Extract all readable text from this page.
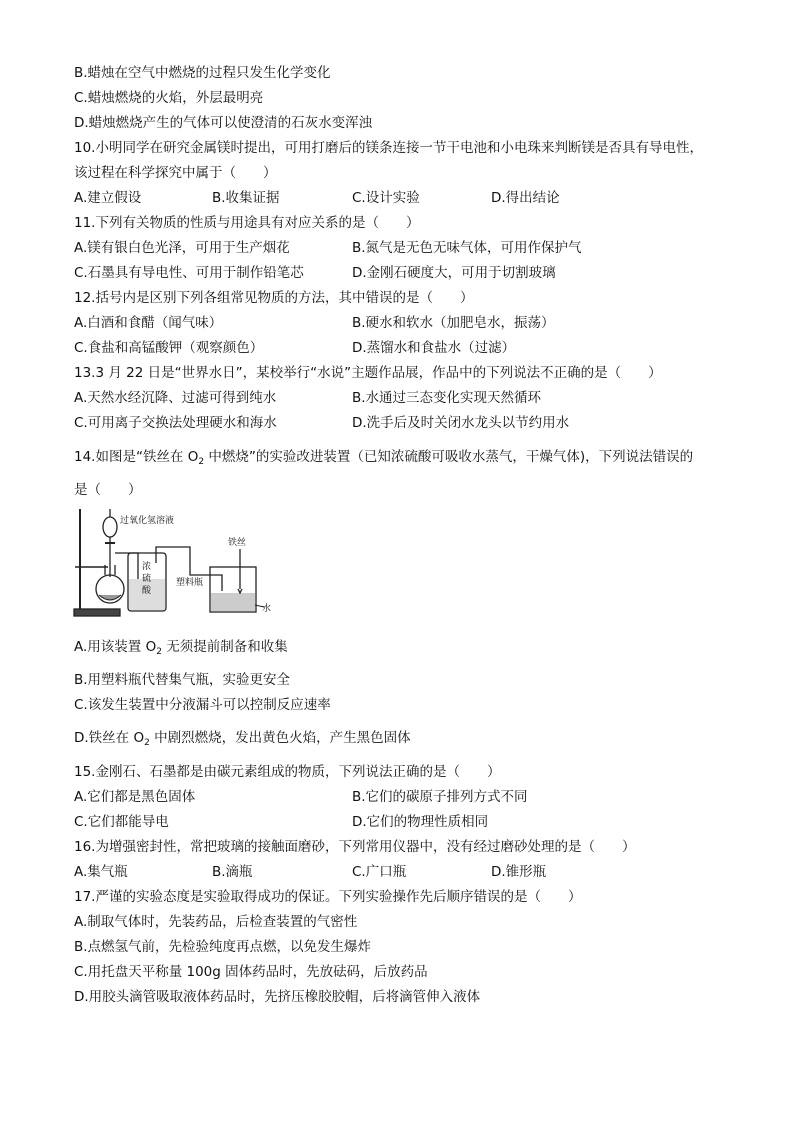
B.蜡烛在空气中燃烧的过程只发生化学变化
C.蜡烛燃烧的火焰，外层最明亮
D.蜡烛燃烧产生的气体可以使澄清的石灰水变浑浊
10.小明同学在研究金属镁时提出，可用打磨后的镁条连接一节干电池和小电珠来判断镁是否具有导电性，
该过程在科学探究中属于（　　）
A.建立假设	B.收集证据	C.设计实验	D.得出结论
11.下列有关物质的性质与用途具有对应关系的是（　　）
A.镁有银白色光泽，可用于生产烟花	B.氮气是无色无味气体，可用作保护气
C.石墨具有导电性、可用于制作铅笔芯	D.金刚石硬度大，可用于切割玻璃
12.括号内是区别下列各组常见物质的方法，其中错误的是（　　）
A.白酒和食醋（闻气味）	B.硬水和软水（加肥皂水，振荡）
C.食盐和高锰酸钾（观察颜色）	D.蒸馏水和食盐水（过滤）
13.3 月 22 日是“世界水日”，某校举行“水说”主题作品展，作品中的下列说法不正确的是（　　）
A.天然水经沉降、过滤可得到纯水	B.水通过三态变化实现天然循环
C.可用离子交换法处理硬水和海水	D.洗手后及时关闭水龙头以节约用水
14.如图是“铁丝在 $O_2$ 中燃烧”的实验改进装置（已知浓硫酸可吸收水蒸气，干燥气体)，下列说法错误的
是（　　）
过氧化氢溶液
浓
硫
酸
铁丝
塑料瓶
水
A.用该装置 $O_2$ 无须提前制备和收集
B.用塑料瓶代替集气瓶，实验更安全
C.该发生装置中分液漏斗可以控制反应速率
D.铁丝在 $O_2$ 中剧烈燃烧，发出黄色火焰，产生黑色固体
15.金刚石、石墨都是由碳元素组成的物质，下列说法正确的是（　　）
A.它们都是黑色固体	B.它们的碳原子排列方式不同
C.它们都能导电	D.它们的物理性质相同
16.为增强密封性，常把玻璃的接触面磨砂，下列常用仪器中，没有经过磨砂处理的是（　　）
A.集气瓶	B.滴瓶	C.广口瓶	D.锥形瓶
17.严谨的实验态度是实验取得成功的保证。下列实验操作先后顺序错误的是（　　）
A.制取气体时，先装药品，后检查装置的气密性
B.点燃氢气前，先检验纯度再点燃，以免发生爆炸
C.用托盘天平称量 100g 固体药品时，先放砝码，后放药品
D.用胶头滴管吸取液体药品时，先挤压橡胶胶帽，后将滴管伸入液体
